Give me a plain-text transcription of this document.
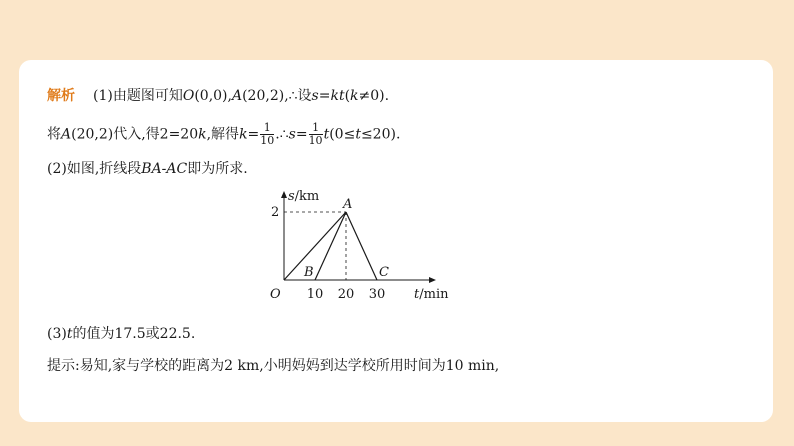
解析 (1)由题图可知O(0,0),A(20,2),∴设s=kt(k≠0).
将A(20,2)代入,得2=20k,解得$k= \frac{1}{10}$ .∴s= $\frac{1}{10} t(0\le t\le 20)$.
(2)如图,折线段BA-AC即为所求.
s/km
t/min
O
2
10 20 30
A
B	C
(3)t的值为17.5或22.5.
提示:易知,家与学校的距离为2 km,小明妈妈到达学校所用时间为10 min,
